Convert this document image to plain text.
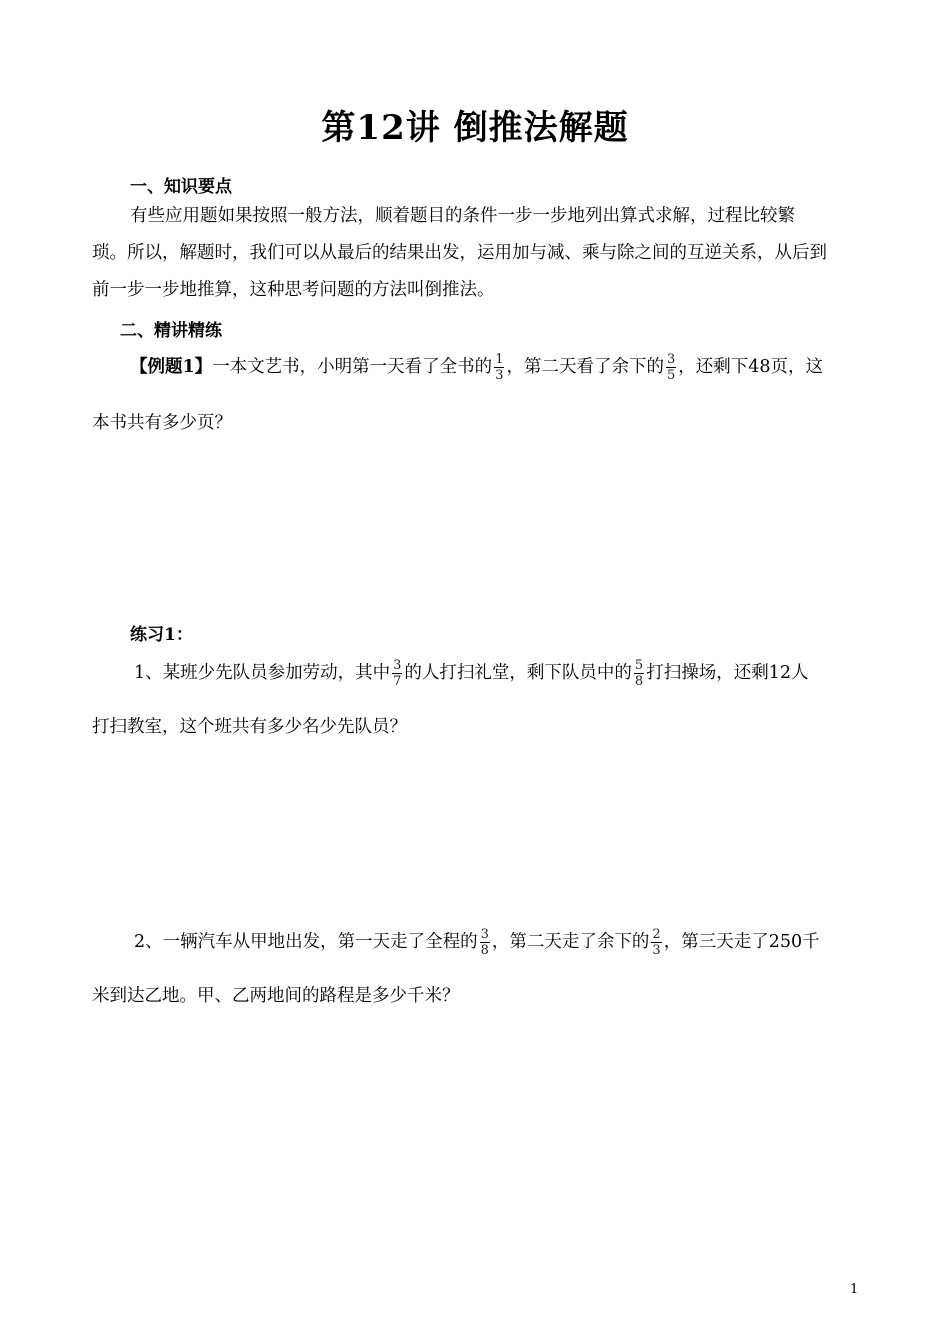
第12讲 倒推法解题
一、知识要点
有些应用题如果按照一般方法，顺着题目的条件一步一步地列出算式求解，过程比较繁
琐。所以，解题时，我们可以从最后的结果出发，运用加与减、乘与除之间的互逆关系，从后到
前一步一步地推算，这种思考问题的方法叫倒推法。
二、精讲精练
【例题1】一本文艺书，小明第一天看了全书的 $\frac{1}{3}$ ，第二天看了余下的 $\frac{3}{5}$ ，还剩下48页，这
本书共有多少页？
练习1：
1、某班少先队员参加劳动，其中 $\frac{3}{7}$ 的人打扫礼堂，剩下队员中的 $\frac{5}{8}$ 打扫操场，还剩12人
打扫教室，这个班共有多少名少先队员？
2、一辆汽车从甲地出发，第一天走了全程的 $\frac{3}{8}$ ，第二天走了余下的 $\frac{2}{3}$ ，第三天走了250千
米到达乙地。甲、乙两地间的路程是多少千米？
1
